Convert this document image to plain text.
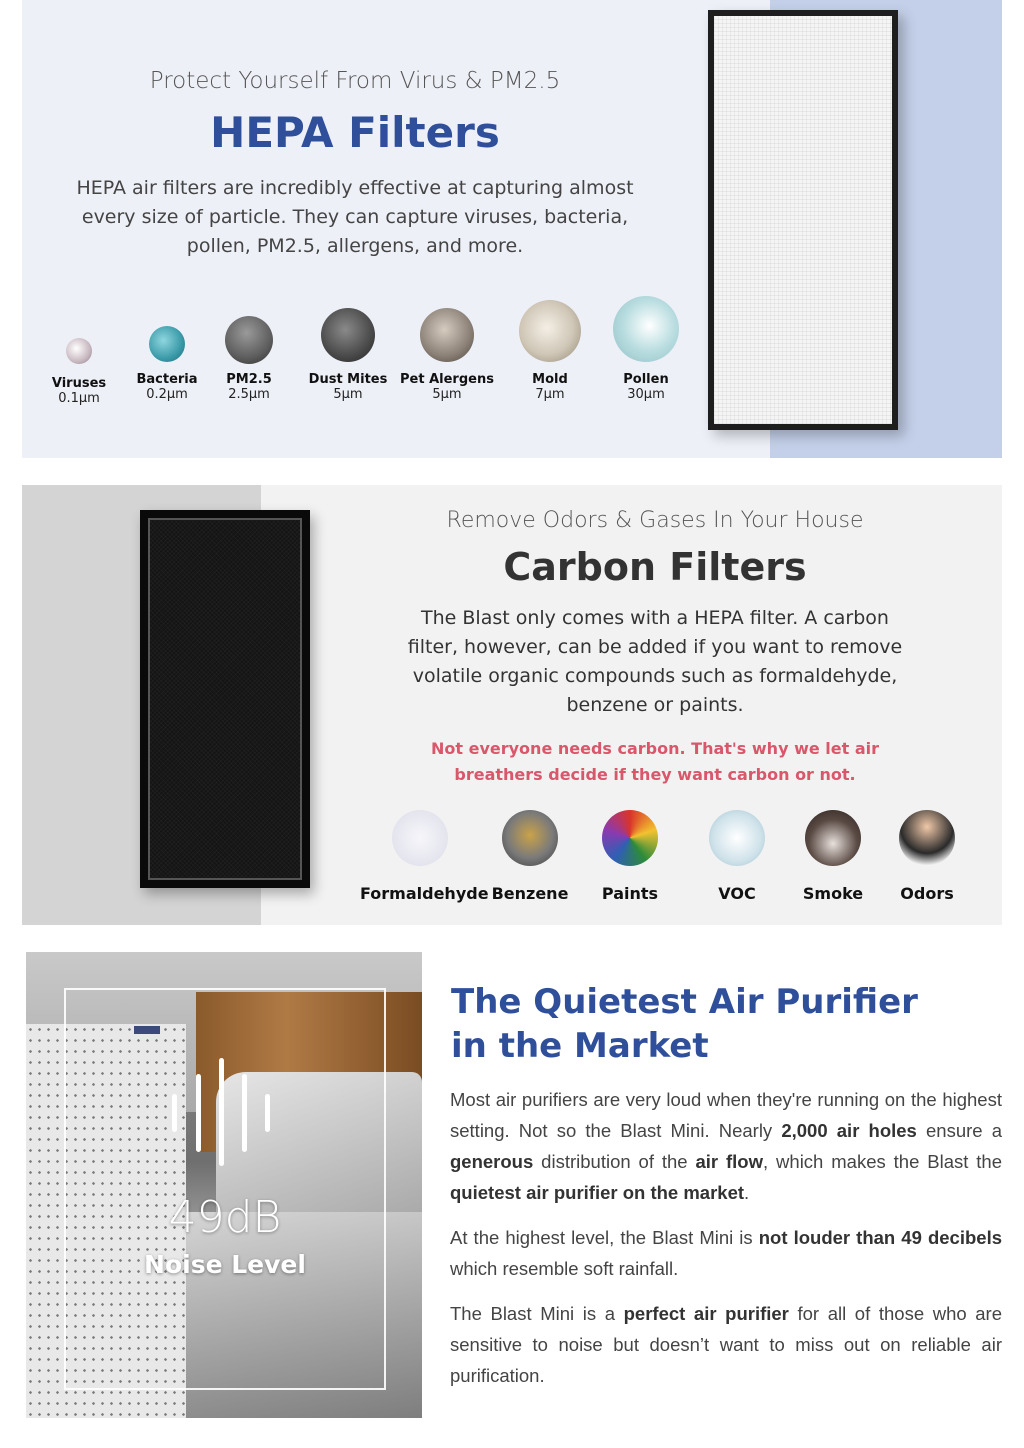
Protect Yourself From Virus & PM2.5
HEPA Filters
HEPA air filters are incredibly effective at capturing almost every size of particle. They can capture viruses, bacteria, pollen, PM2.5, allergens, and more.
Viruses
0.1µm
Bacteria
0.2µm
PM2.5
2.5µm
Dust Mites
5µm
Pet Alergens
5µm
Mold
7µm
Pollen
30µm
Remove Odors & Gases In Your House
Carbon Filters
The Blast only comes with a HEPA filter. A carbon filter, however, can be added if you want to remove volatile organic compounds such as formaldehyde, benzene or paints.
Not everyone needs carbon. That's why we let air breathers decide if they want carbon or not.
Formaldehyde Benzene	Paints	VOC	Smoke	Odors
49dB
Noise Level
The Quietest Air Purifier
in the Market

Most air purifiers are very loud when they're running on the highest setting. Not so the Blast Mini. Nearly 2,000 air holes ensure a generous distribution of the air flow, which makes the Blast the quietest air purifier on the market.

At the highest level, the Blast Mini is not louder than 49 decibels which resemble soft rainfall.

The Blast Mini is a perfect air purifier for all of those who are sensitive to noise but doesn’t want to miss out on reliable air purification.
